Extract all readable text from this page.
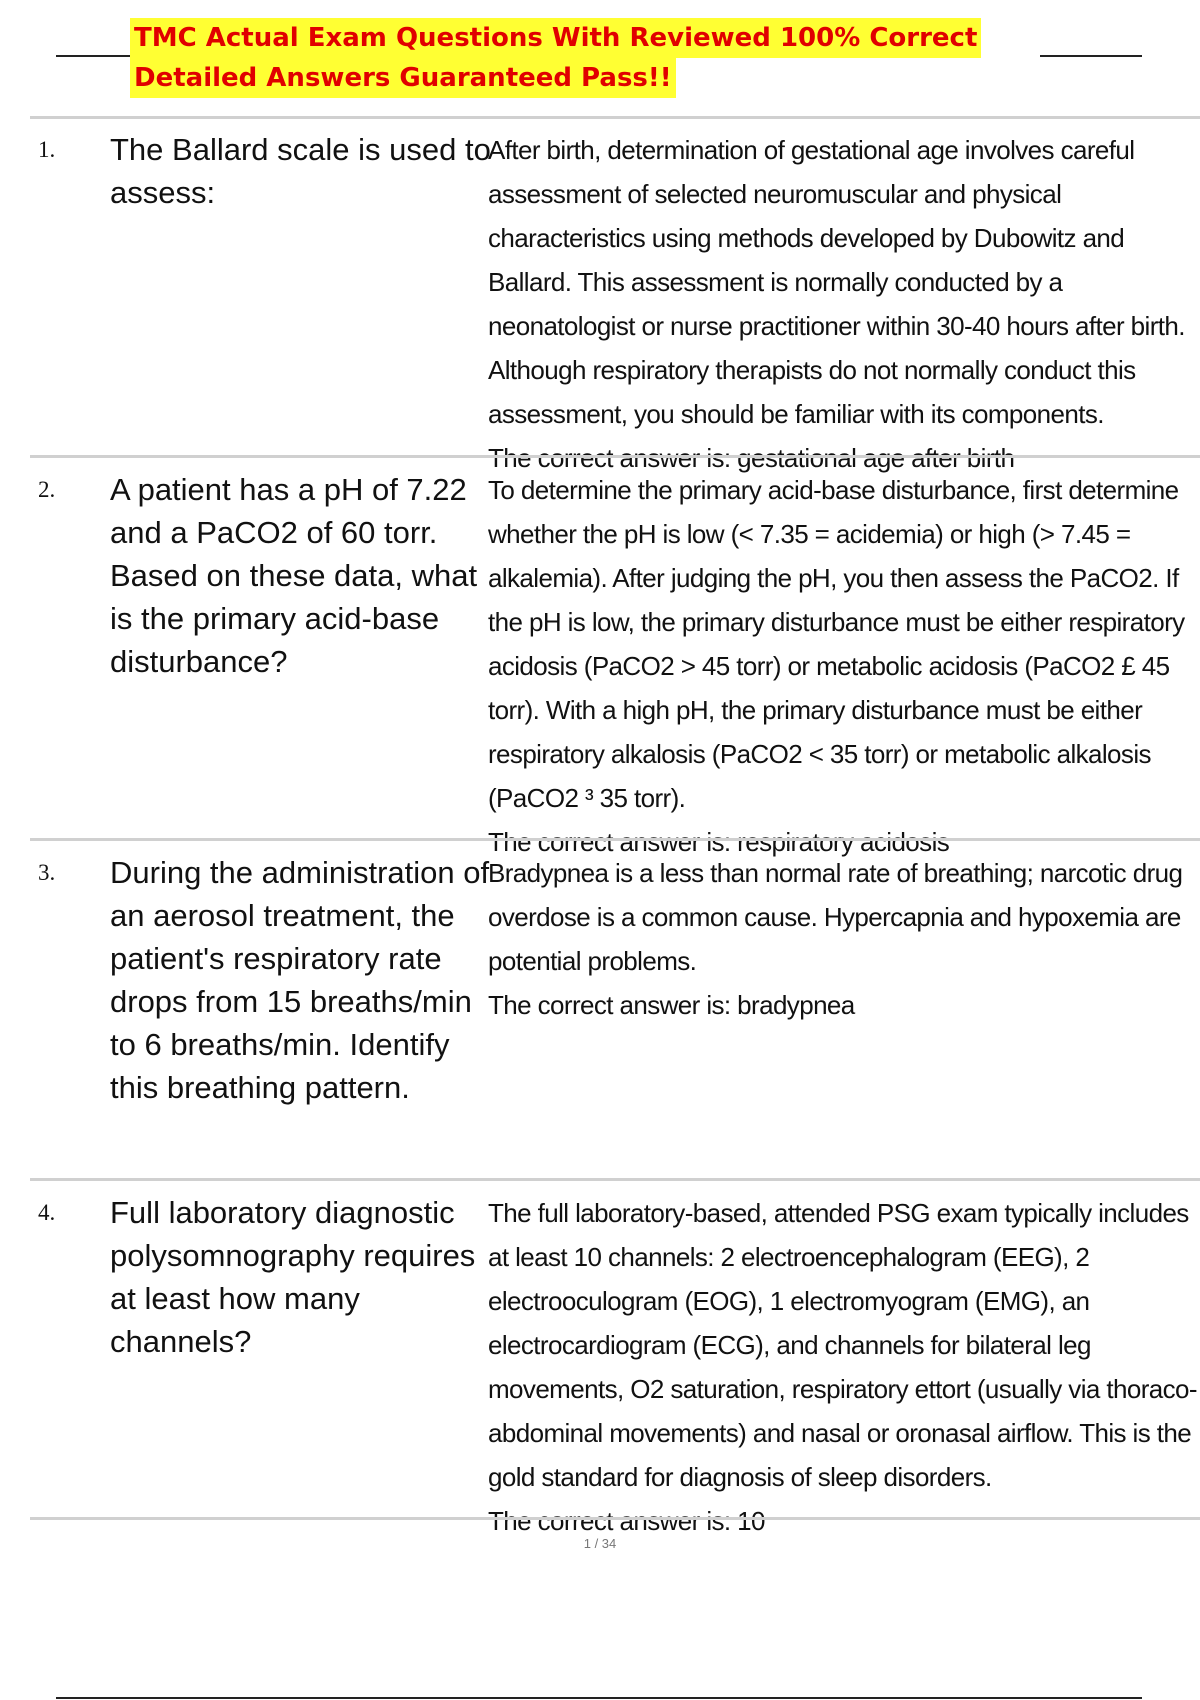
TMC Actual Exam Questions With Reviewed 100% Correct
Detailed Answers Guaranteed Pass!!
1. The Ballard scale is used to assess:

After birth, determination of gestational age involves careful assessment of selected neuromuscular and physical characteristics using methods developed by Dubowitz and Ballard. This assessment is normally conducted by a neonatologist or nurse practitioner within 30-40 hours after birth. Although respiratory therapists do not normally conduct this assessment, you should be familiar with its components.

The correct answer is: gestational age after birth

2. A patient has a pH of 7.22 and a PaCO2 of 60 torr. Based on these data, what is the primary acid-base disturbance?

To determine the primary acid-base disturbance, first determine whether the pH is low (< 7.35 = acidemia) or high (> 7.45 = alkalemia). After judging the pH, you then assess the PaCO2. If the pH is low, the primary disturbance must be either respiratory acidosis (PaCO2 > 45 torr) or metabolic acidosis (PaCO2 £ 45 torr). With a high pH, the primary disturbance must be either respiratory alkalosis (PaCO2 < 35 torr) or metabolic alkalosis (PaCO2 ³ 35 torr).

The correct answer is: respiratory acidosis

3. During the administration of an aerosol treatment, the patient's respiratory rate drops from 15 breaths/min to 6 breaths/min. Identify this breathing pattern.

Bradypnea is a less than normal rate of breathing; narcotic drug overdose is a common cause. Hypercapnia and hypoxemia are potential problems.

The correct answer is: bradypnea

4. Full laboratory diagnostic polysomnography requires at least how many channels?

The full laboratory-based, attended PSG exam typically includes at least 10 channels: 2 electroencephalogram (EEG), 2 electrooculogram (EOG), 1 electromyogram (EMG), an electrocardiogram (ECG), and channels for bilateral leg movements, O2 saturation, respiratory ettort (usually via thoraco-abdominal movements) and nasal or oronasal airflow. This is the gold standard for diagnosis of sleep disorders.

The correct answer is: 10

1 / 34
